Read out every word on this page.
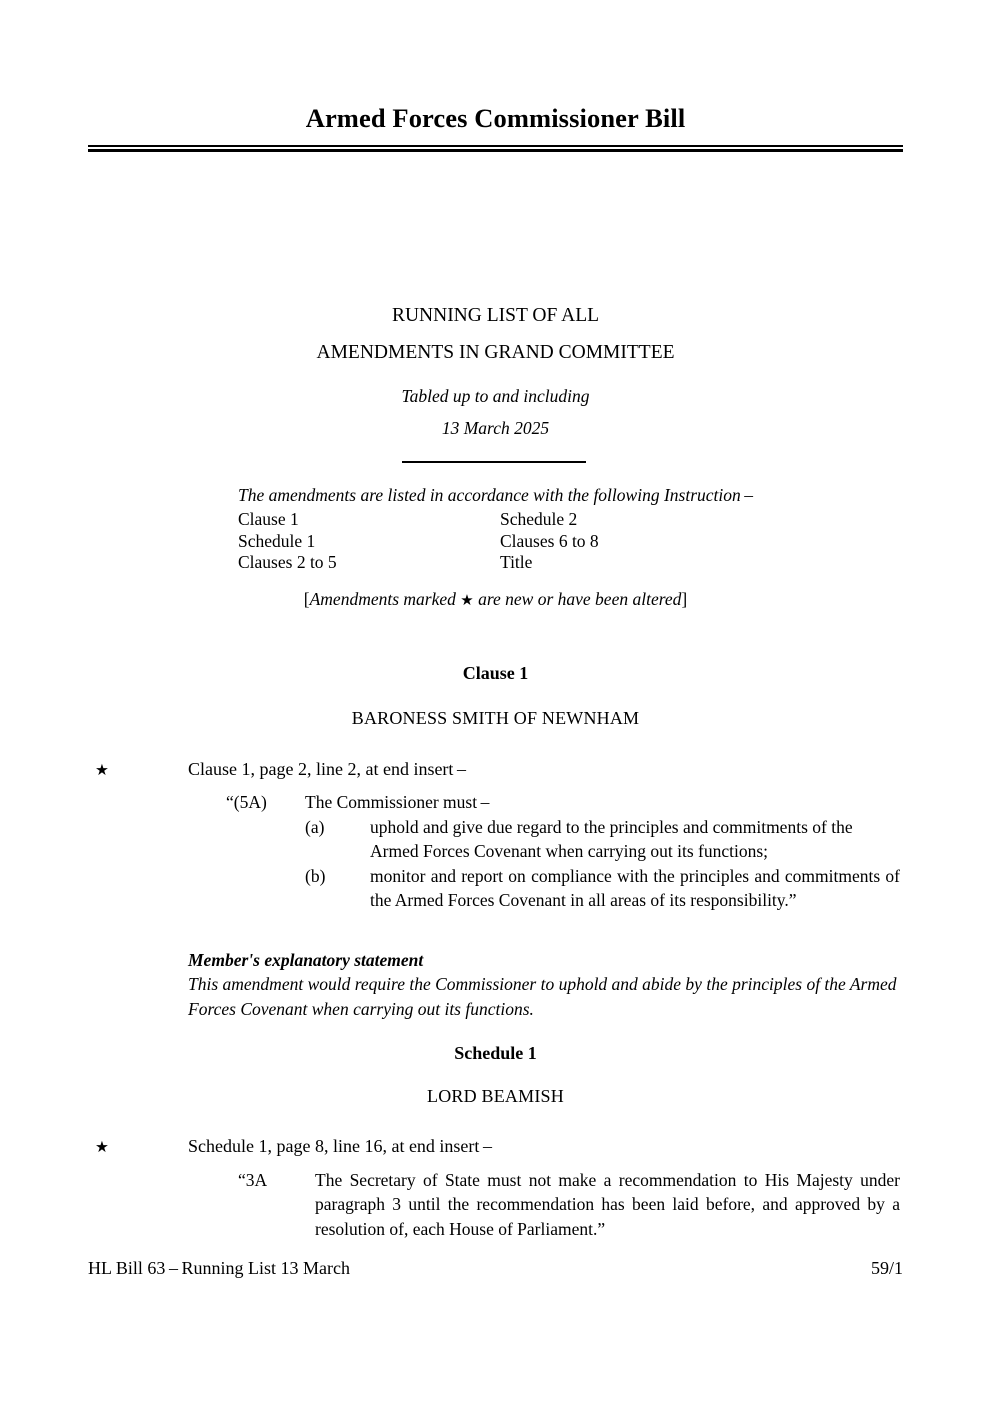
Armed Forces Commissioner Bill
RUNNING LIST OF ALL
AMENDMENTS IN GRAND COMMITTEE
Tabled up to and including
13 March 2025
The amendments are listed in accordance with the following Instruction –
Clause 1	Schedule 2
Schedule 1	Clauses 6 to 8
Clauses 2 to 5	Title
[Amendments marked ★ are new or have been altered]
Clause 1
BARONESS SMITH OF NEWNHAM
★	Clause 1, page 2, line 2, at end insert –
“(5A) The Commissioner must –
(a)	uphold and give due regard to the principles and commitments of the Armed Forces Covenant when carrying out its functions;
(b)	monitor and report on compliance with the principles and commitments of the Armed Forces Covenant in all areas of its responsibility.”
Member's explanatory statement
This amendment would require the Commissioner to uphold and abide by the principles of the Armed Forces Covenant when carrying out its functions.
Schedule 1
LORD BEAMISH
★	Schedule 1, page 8, line 16, at end insert –
“3A	The Secretary of State must not make a recommendation to His Majesty under paragraph 3 until the recommendation has been laid before, and approved by a resolution of, each House of Parliament.”
HL Bill 63 – Running List 13 March	59/1
